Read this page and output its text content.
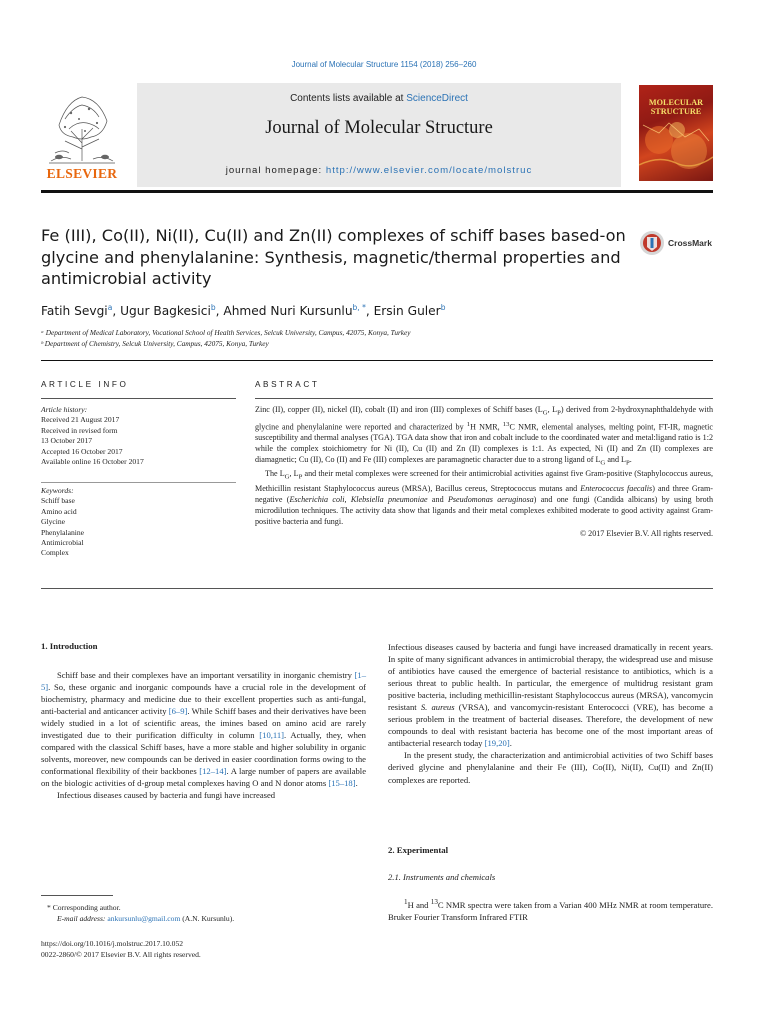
Journal of Molecular Structure 1154 (2018) 256–260
Contents lists available at ScienceDirect
Journal of Molecular Structure
journal homepage: http://www.elsevier.com/locate/molstruc
ELSEVIER
MOLECULAR
STRUCTURE
Fe (III), Co(II), Ni(II), Cu(II) and Zn(II) complexes of schiff bases based-on glycine and phenylalanine: Synthesis, magnetic/thermal properties and antimicrobial activity
CrossMark
Fatih Sevgi$^a$, Ugur Bagkesici$^b$, Ahmed Nuri Kursunlu$^{b, *}$, Ersin Guler$^b$
ᵃ Department of Medical Laboratory, Vocational School of Health Services, Selcuk University, Campus, 42075, Konya, Turkey
ᵇ Department of Chemistry, Selcuk University, Campus, 42075, Konya, Turkey
ARTICLE INFO	ABSTRACT
Article history:
Received 21 August 2017
Received in revised form
13 October 2017
Accepted 16 October 2017
Available online 16 October 2017
Keywords:
Schiff base
Amino acid
Glycine
Phenylalanine
Antimicrobial
Complex

Zinc (II), copper (II), nickel (II), cobalt (II) and iron (III) complexes of Schiff bases ($L_G$, $L_P$) derived from 2-hydroxynaphthaldehyde with glycine and phenylalanine were reported and characterized by $^1$H NMR, $^{13}$C NMR, elemental analyses, melting point, FT-IR, magnetic susceptibility and thermal analyses (TGA). TGA data show that iron and cobalt include to the coordinated water and metal:ligand ratio is 1:2 while the complex stoichiometry for Ni (II), Cu (II) and Zn (II) complexes is 1:1. As expected, Ni (II) and Zn (II) complexes are diamagnetic; Cu (II), Co (II) and Fe (III) complexes are paramagnetic character due to a strong ligand of $L_G$ and $L_P$.

The $L_G$, $L_P$ and their metal complexes were screened for their antimicrobial activities against five Gram-positive (Staphylococcus aureus, Methicillin resistant Staphylococcus aureus (MRSA), Bacillus cereus, Streptococcus mutans and Enterococcus faecalis) and three Gram-negative (Escherichia coli, Klebsiella pneumoniae and Pseudomonas aeruginosa) and one fungi (Candida albicans) by using broth microdilution techniques. The activity data show that ligands and their metal complexes exhibited moderate to good activity against Gram-positive bacteria and fungi.

© 2017 Elsevier B.V. All rights reserved.
1. Introduction

Schiff base and their complexes have an important versatility in inorganic chemistry [1–5]. So, these organic and inorganic compounds have a crucial role in the development of biochemistry, pharmacy and medicine due to their excellent properties such as anti-fungal, anti-bacterial and anticancer activity [6–9]. While Schiff bases and their derivatives have been widely studied in a lot of scientific areas, the imines based on amino acid are rarely investigated due to their purification difficulty in column [10,11]. Actually, they, when compared with the classical Schiff bases, have a more stable and higher solubility in organic solvents, moreover, new compounds can be derived in easier coordination forms owing to the conformational flexibility of their backbones [12–14]. A large number of papers are available on the biologic activities of d-group metal complexes having O and N donor atoms [15–18].

Infectious diseases caused by bacteria and fungi have increased

Infectious diseases caused by bacteria and fungi have increased dramatically in recent years. In spite of many significant advances in antimicrobial therapy, the widespread use and misuse of antibiotics have caused the emergence of bacterial resistance to antibiotics, which is a serious threat to public health. In particular, the emergence of multidrug resistant gram positive bacteria, including methicillin-resistant Staphylococcus aureus (MRSA), vancomycin resistant S. aureus (VRSA), and vancomycin-resistant Enterococci (VRE), has become a serious problem in the treatment of bacterial diseases. Therefore, the development of new compounds to deal with resistant bacteria has become one of the most important areas of antibacterial research today [19,20].

In the present study, the characterization and antimicrobial activities of two Schiff bases derived glycine and phenylalanine and their Fe (III), Co(II), Ni(II), Cu(II) and Zn(II) complexes are reported.

2. Experimental
2.1. Instruments and chemicals

$^1$H and $^{13}$C NMR spectra were taken from a Varian 400 MHz NMR at room temperature. Bruker Fourier Transform Infrared FTIR

* Corresponding author.
E-mail address: ankursunlu@gmail.com (A.N. Kursunlu).
https://doi.org/10.1016/j.molstruc.2017.10.052
0022-2860/© 2017 Elsevier B.V. All rights reserved.
